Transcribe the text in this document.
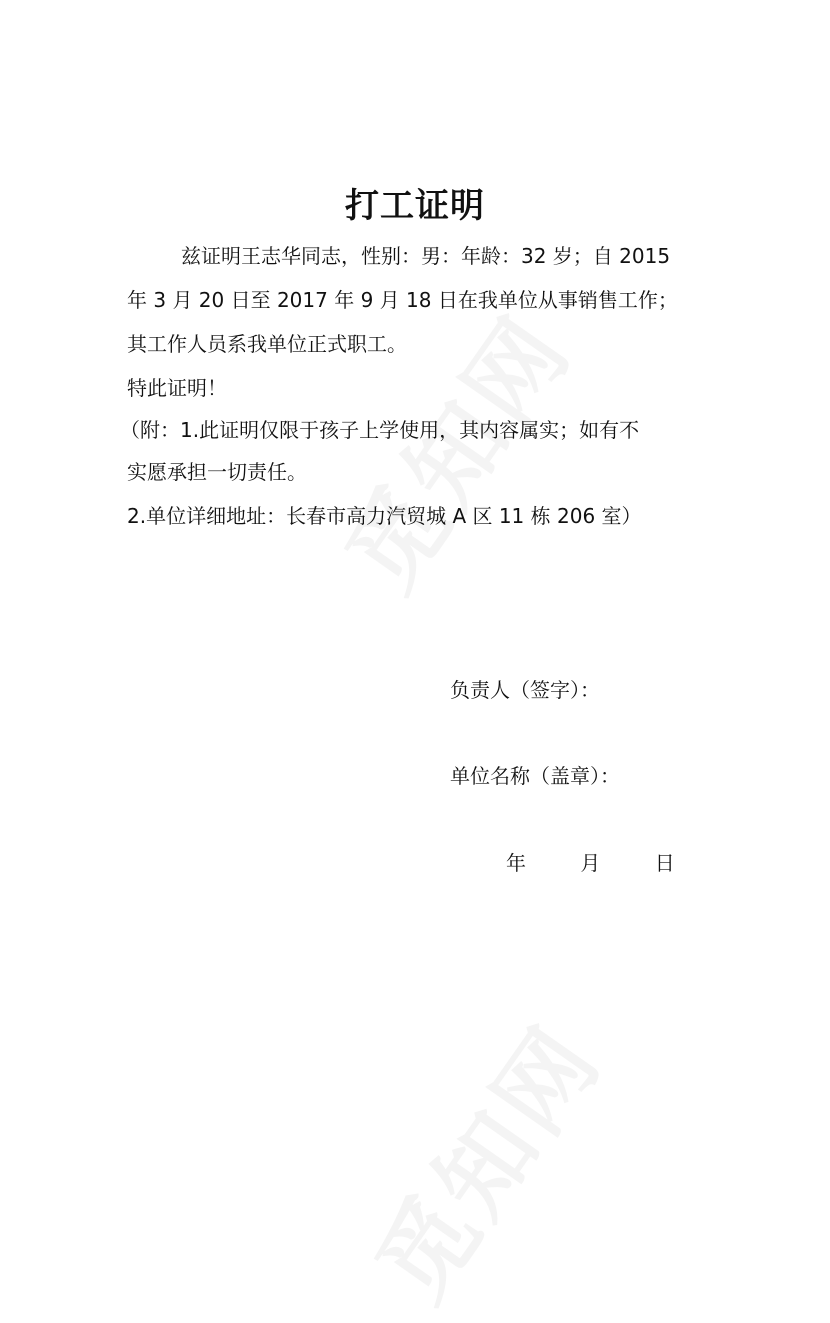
打工证明

兹证明王志华同志，性别：男：年龄：32 岁；自 2015

年 3 月 20 日至 2017 年 9 月 18 日在我单位从事销售工作；

其工作人员系我单位正式职工。

特此证明！

（附：1.此证明仅限于孩子上学使用，其内容属实；如有不

实愿承担一切责任。

2.单位详细地址：长春市高力汽贸城 A 区 11 栋 206 室）

负责人（签字）：
单位名称（盖章）：
年	月	日
